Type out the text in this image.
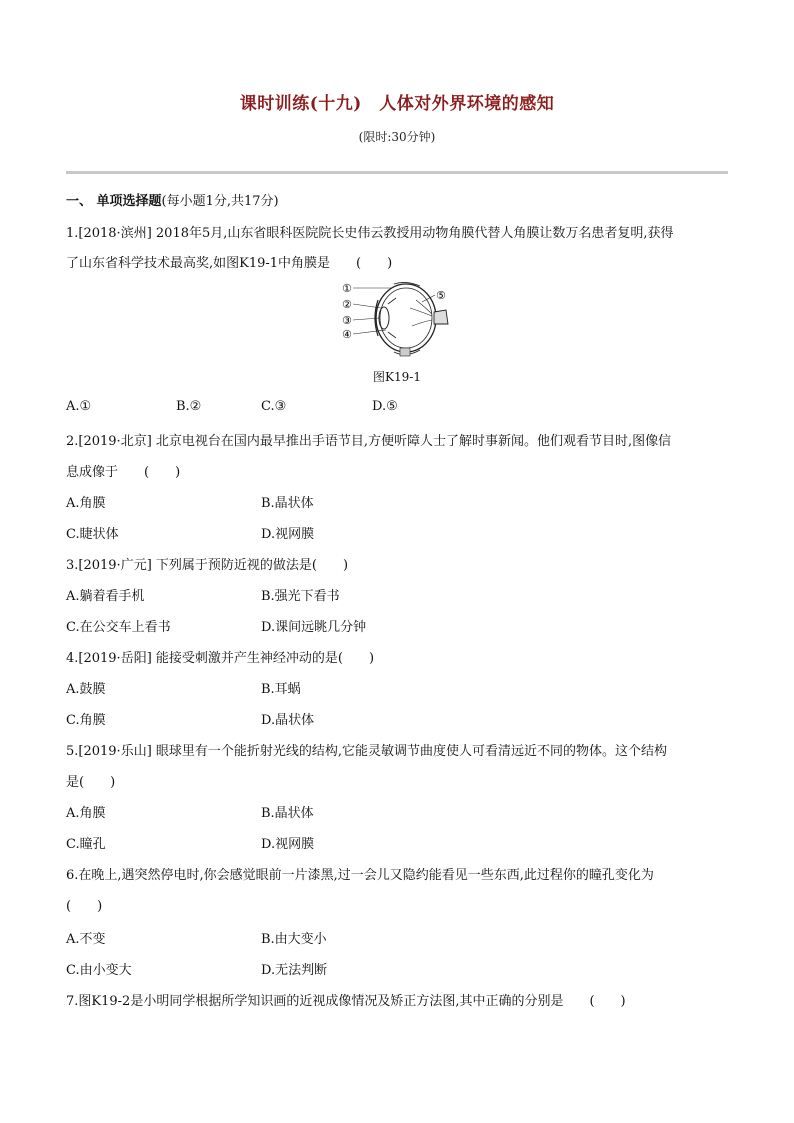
课时训练(十九)　人体对外界环境的感知
(限时:30分钟)
一、 单项选择题(每小题1分,共17分)
1.[2018·滨州] 2018年5月,山东省眼科医院院长史伟云教授用动物角膜代替人角膜让数万名患者复明,获得
了山东省科学技术最高奖,如图K19-1中角膜是　　(　　)
①
②
③
④
⑤
图K19-1
A.①	B.②	C.③	D.⑤
2.[2019·北京] 北京电视台在国内最早推出手语节目,方便听障人士了解时事新闻。他们观看节目时,图像信
息成像于　　(　　)
A.角膜	B.晶状体
C.睫状体	D.视网膜
3.[2019·广元] 下列属于预防近视的做法是(　　)
A.躺着看手机	B.强光下看书
C.在公交车上看书	D.课间远眺几分钟
4.[2019·岳阳] 能接受刺激并产生神经冲动的是(　　)
A.鼓膜	B.耳蜗
C.角膜	D.晶状体
5.[2019·乐山] 眼球里有一个能折射光线的结构,它能灵敏调节曲度使人可看清远近不同的物体。这个结构
是(　　)
A.角膜	B.晶状体
C.瞳孔	D.视网膜
6.在晚上,遇突然停电时,你会感觉眼前一片漆黑,过一会儿又隐约能看见一些东西,此过程你的瞳孔变化为
(　　)
A.不变	B.由大变小
C.由小变大	D.无法判断
7.图K19-2是小明同学根据所学知识画的近视成像情况及矫正方法图,其中正确的分别是　　(　　)
